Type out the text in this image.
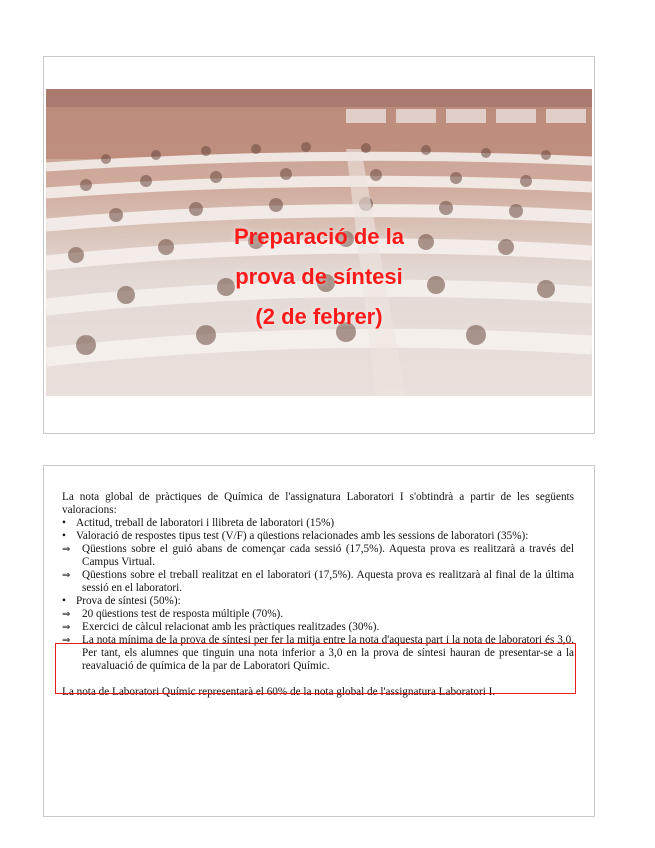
Preparació de la
prova de síntesi
(2 de febrer)

La nota global de pràctiques de Química de l'assignatura Laboratori I s'obtindrà a partir de les següents valoracions:

• Actitud, treball de laboratori i llibreta de laboratori (15%)

• Valoració de respostes tipus test (V/F) a qüestions relacionades amb les sessions de laboratori (35%):

⇒ Qüestions sobre el guió abans de començar cada sessió (17,5%). Aquesta prova es realitzarà a través del Campus Virtual.

⇒ Qüestions sobre el treball realitzat en el laboratori (17,5%). Aquesta prova es realitzarà al final de la última sessió en el laboratori.

• Prova de síntesi (50%):

⇒ 20 qüestions test de resposta múltiple (70%).

⇒ Exercici de càlcul relacionat amb les pràctiques realitzades (30%).

⇒ La nota mínima de la prova de síntesi per fer la mitja entre la nota d'aquesta part i la nota de laboratori és 3,0. Per tant, els alumnes que tinguin una nota inferior a 3,0 en la prova de síntesi hauran de presentar-se a la reavaluació de química de la par de Laboratori Químic.

La nota de Laboratori Químic representarà el 60% de la nota global de l'assignatura Laboratori I.
